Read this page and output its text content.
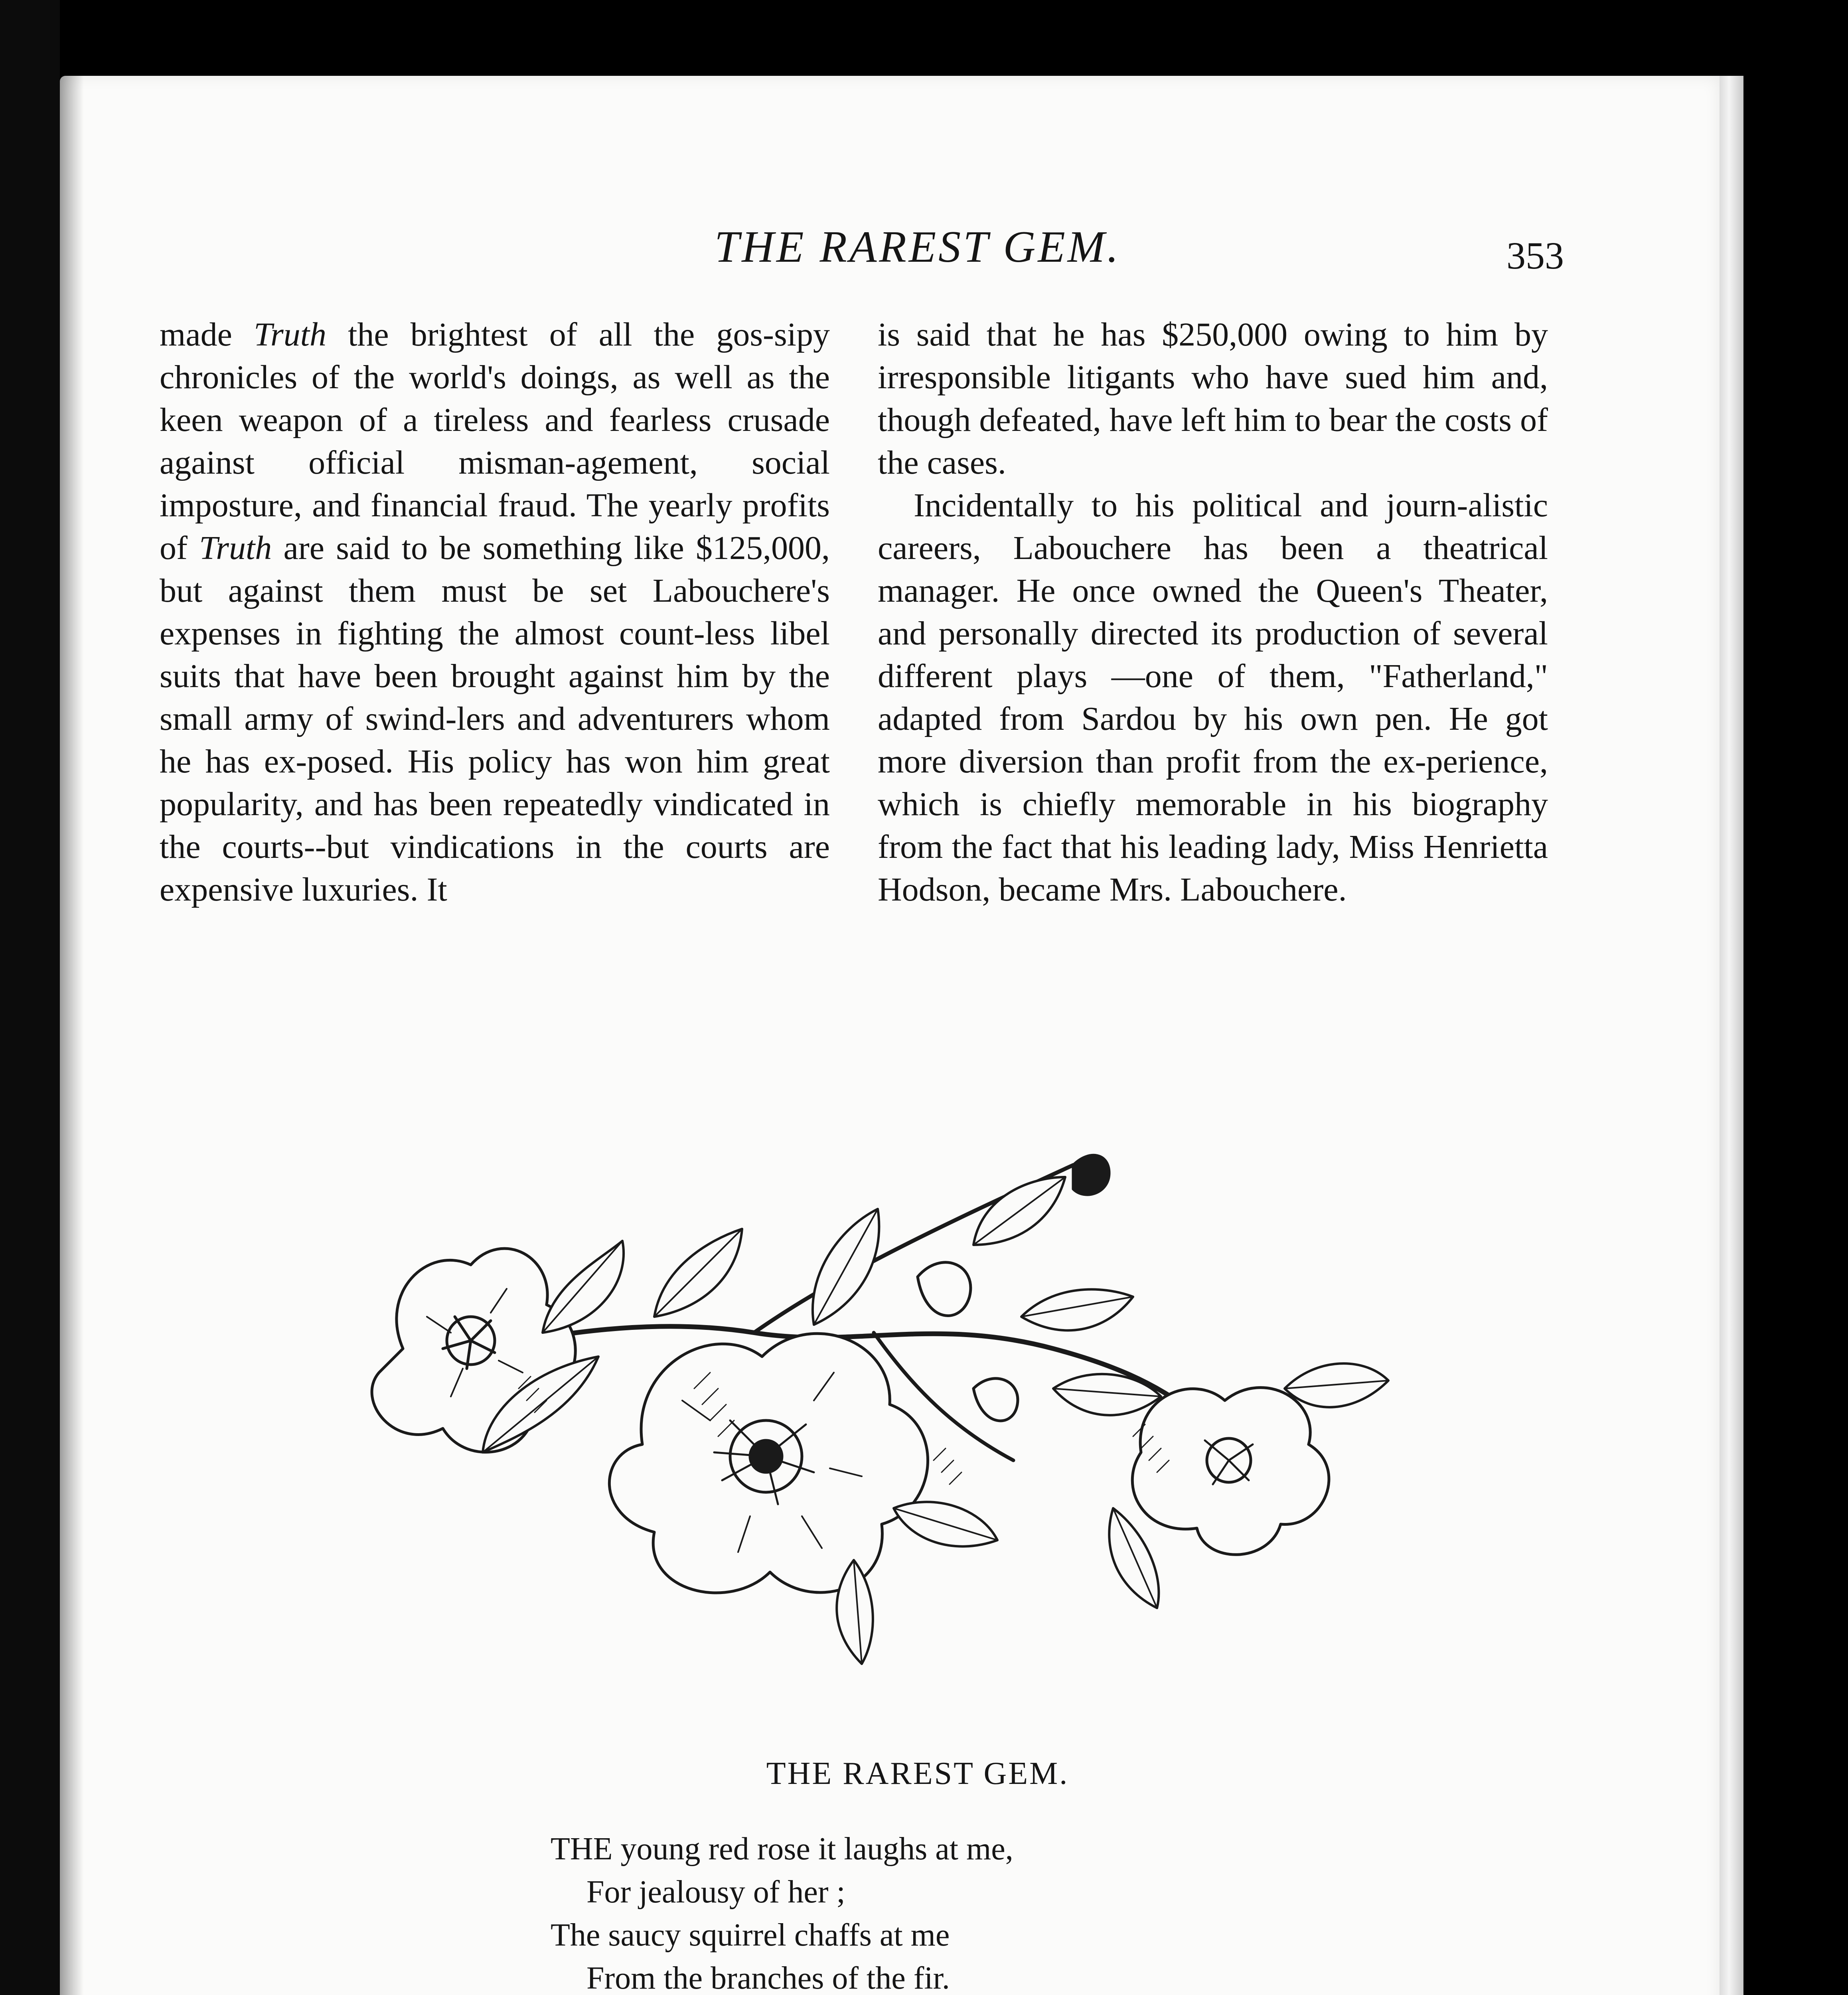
THE RAREST GEM.	353

made Truth the brightest of all the gos-sipy chronicles of the world's doings, as well as the keen weapon of a tireless and fearless crusade against official misman-agement, social imposture, and financial fraud. The yearly profits of Truth are said to be something like $125,000, but against them must be set Labouchere's expenses in fighting the almost count-less libel suits that have been brought against him by the small army of swind-lers and adventurers whom he has ex-posed. His policy has won him great popularity, and has been repeatedly vindicated in the courts--but vindications in the courts are expensive luxuries. It

is said that he has $250,000 owing to him by irresponsible litigants who have sued him and, though defeated, have left him to bear the costs of the cases.

Incidentally to his political and journ-alistic careers, Labouchere has been a theatrical manager. He once owned the Queen's Theater, and personally directed its production of several different plays —one of them, "Fatherland," adapted from Sardou by his own pen. He got more diversion than profit from the ex-perience, which is chiefly memorable in his biography from the fact that his leading lady, Miss Henrietta Hodson, became Mrs. Labouchere.

THE RAREST GEM.
THE young red rose it laughs at me,
For jealousy of her ;
The saucy squirrel chaffs at me
From the branches of the fir.
